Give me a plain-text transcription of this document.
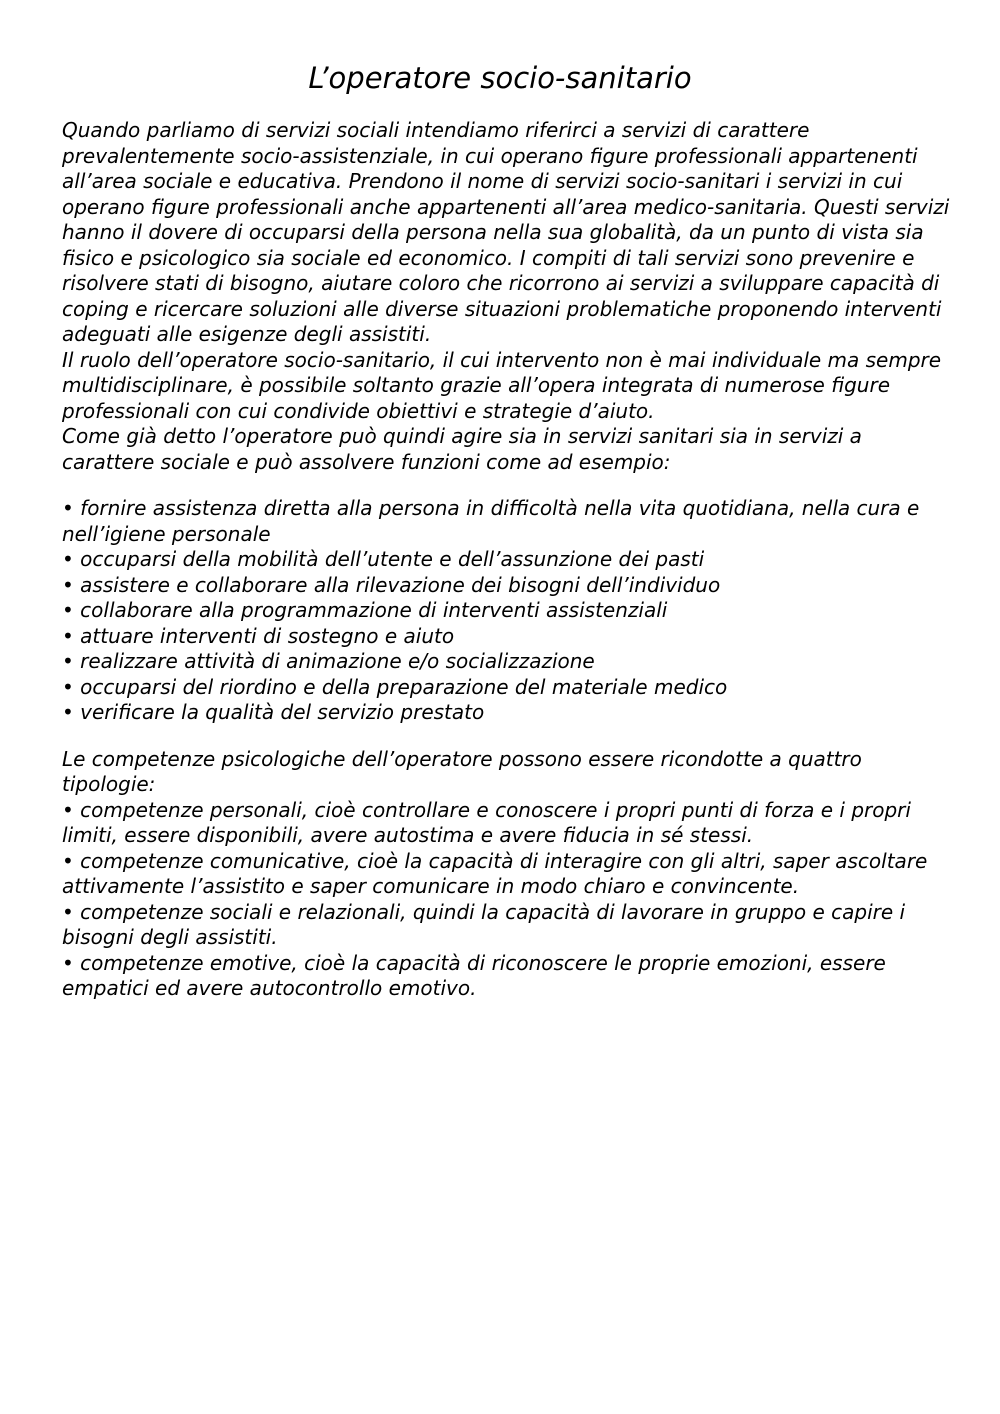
L’operatore socio-sanitario

Quando parliamo di servizi sociali intendiamo riferirci a servizi di carattere prevalentemente socio-assistenziale, in cui operano figure professionali appartenenti all’area sociale e educativa. Prendono il nome di servizi socio-sanitari i servizi in cui operano figure professionali anche appartenenti all’area medico-sanitaria. Questi servizi hanno il dovere di occuparsi della persona nella sua globalità, da un punto di vista sia fisico e psicologico sia sociale ed economico. I compiti di tali servizi sono prevenire e risolvere stati di bisogno, aiutare coloro che ricorrono ai servizi a sviluppare capacità di coping e ricercare soluzioni alle diverse situazioni problematiche proponendo interventi adeguati alle esigenze degli assistiti.

Il ruolo dell’operatore socio-sanitario, il cui intervento non è mai individuale ma sempre multidisciplinare, è possibile soltanto grazie all’opera integrata di numerose figure professionali con cui condivide obiettivi e strategie d’aiuto.

Come già detto l’operatore può quindi agire sia in servizi sanitari sia in servizi a carattere sociale e può assolvere funzioni come ad esempio:

• fornire assistenza diretta alla persona in difficoltà nella vita quotidiana, nella cura e nell’igiene personale
• occuparsi della mobilità dell’utente e dell’assunzione dei pasti
• assistere e collaborare alla rilevazione dei bisogni dell’individuo
• collaborare alla programmazione di interventi assistenziali
• attuare interventi di sostegno e aiuto
• realizzare attività di animazione e/o socializzazione
• occuparsi del riordino e della preparazione del materiale medico
• verificare la qualità del servizio prestato

Le competenze psicologiche dell’operatore possono essere ricondotte a quattro tipologie:

• competenze personali, cioè controllare e conoscere i propri punti di forza e i propri limiti, essere disponibili, avere autostima e avere fiducia in sé stessi.
• competenze comunicative, cioè la capacità di interagire con gli altri, saper ascoltare attivamente l’assistito e saper comunicare in modo chiaro e convincente.
• competenze sociali e relazionali, quindi la capacità di lavorare in gruppo e capire i bisogni degli assistiti.
• competenze emotive, cioè la capacità di riconoscere le proprie emozioni, essere empatici ed avere autocontrollo emotivo.
